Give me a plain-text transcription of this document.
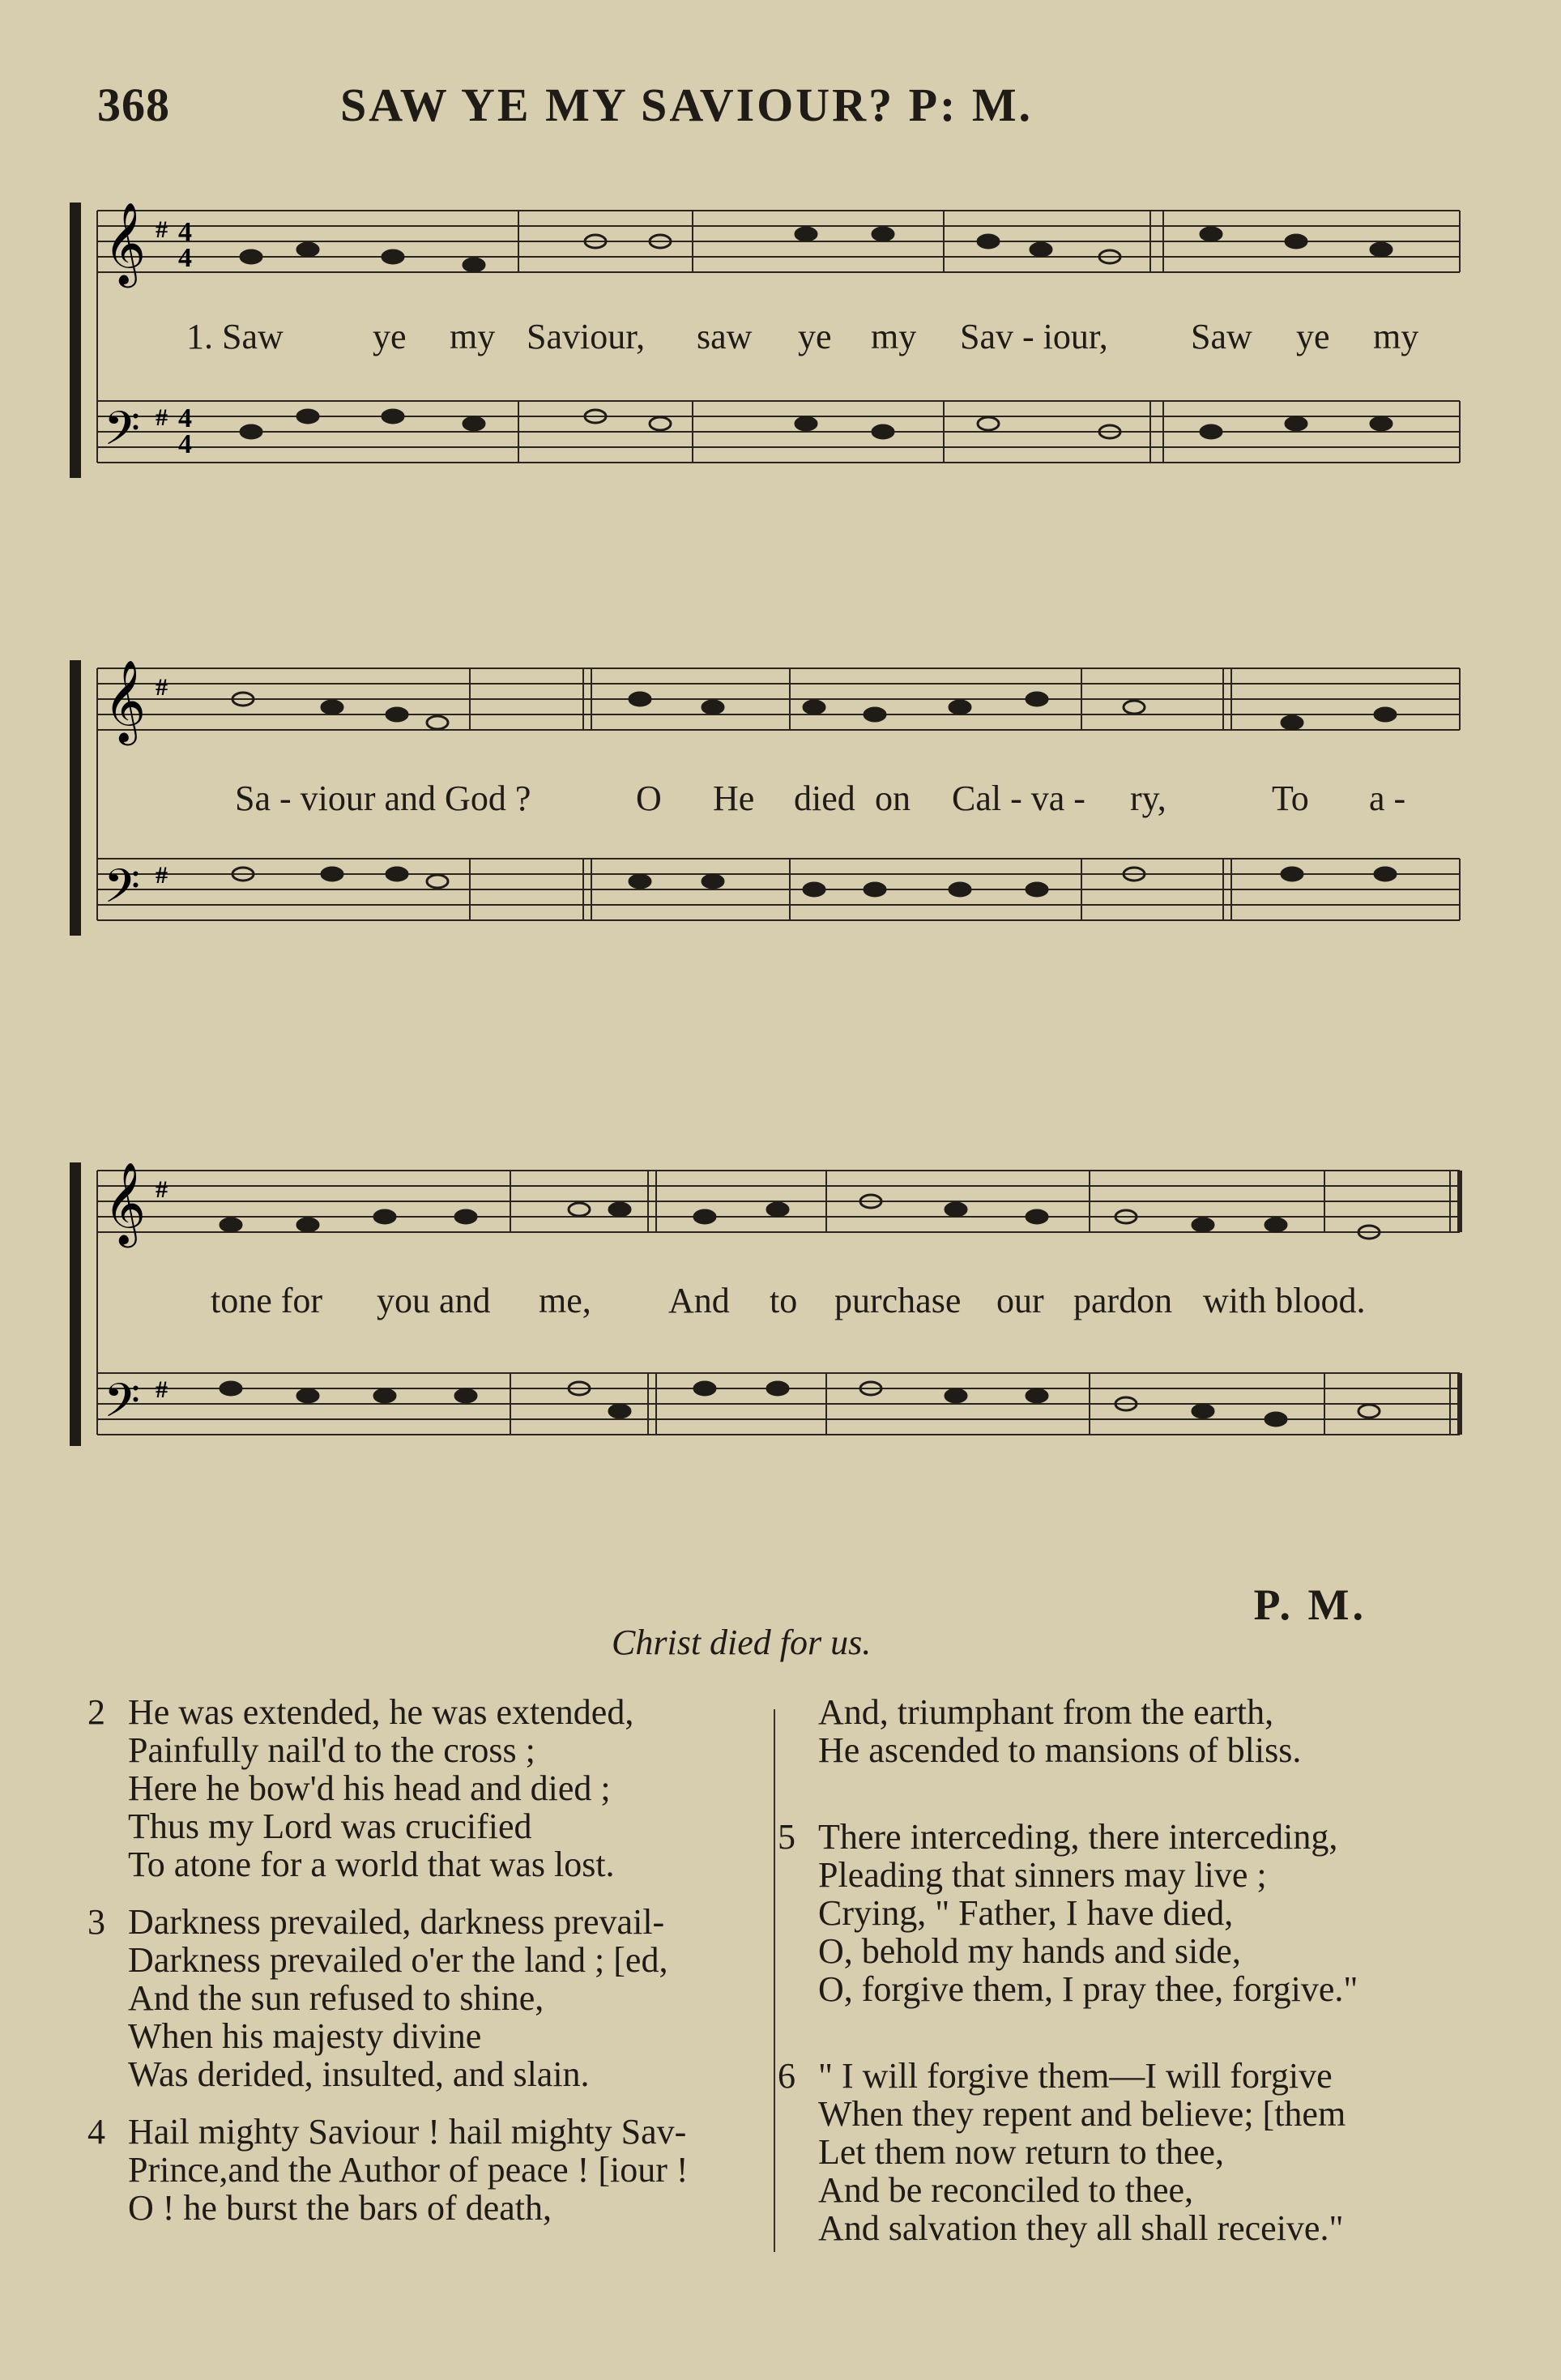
368	SAW YE MY SAVIOUR? P: M.
𝄞
𝄢
#
#
4
4
4
4
1. Saw	ye my Saviour, saw ye my Sav - iour, Saw ye my
𝄞
𝄢
#
#
Sa - viour and God ?	O He died on Cal - va - ry,	To a -
𝄞
𝄢
#
#
tone for you and me, And to purchase our pardon with blood.
P. M.
Christ died for us.
2 He was extended, he was extended,
Painfully nail'd to the cross ;
Here he bow'd his head and died ;
Thus my Lord was crucified
To atone for a world that was lost.
3 Darkness prevailed, darkness prevail-
Darkness prevailed o'er the land ; [ed,
And the sun refused to shine,
When his majesty divine
Was derided, insulted, and slain.
4 Hail mighty Saviour ! hail mighty Sav-
Prince,and the Author of peace ! [iour !
O ! he burst the bars of death,
And, triumphant from the earth,
He ascended to mansions of bliss.
5 There interceding, there interceding,
Pleading that sinners may live ;
Crying, " Father, I have died,
O, behold my hands and side,
O, forgive them, I pray thee, forgive."
6 " I will forgive them—I will forgive
When they repent and believe; [them
Let them now return to thee,
And be reconciled to thee,
And salvation they all shall receive."
